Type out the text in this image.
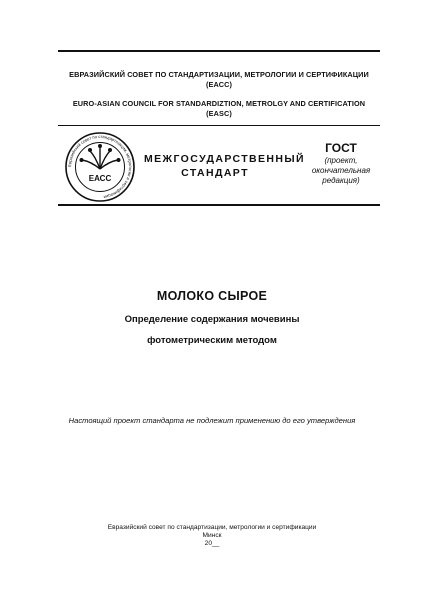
ЕВРАЗИЙСКИЙ СОВЕТ ПО СТАНДАРТИЗАЦИИ, МЕТРОЛОГИИ И СЕРТИФИКАЦИИ
(ЕАСС)
EURO-ASIAN COUNCIL FOR STANDARDIZTION, METROLGY AND CERTIFICATION
(EASC)
Евразийский совет по стандартизации, метрологии и сертификации
ЕАСС
МЕЖГОСУДАРСТВЕННЫЙ
СТАНДАРТ
ГОСТ
(проект,
окончательная
редакция)
МОЛОКО СЫРОЕ
Определение содержания мочевины
фотометрическим методом
Настоящий проект стандарта не подлежит применению до его утверждения
Евразийский совет по стандартизации, метрологии и сертификации
Минск
20__
